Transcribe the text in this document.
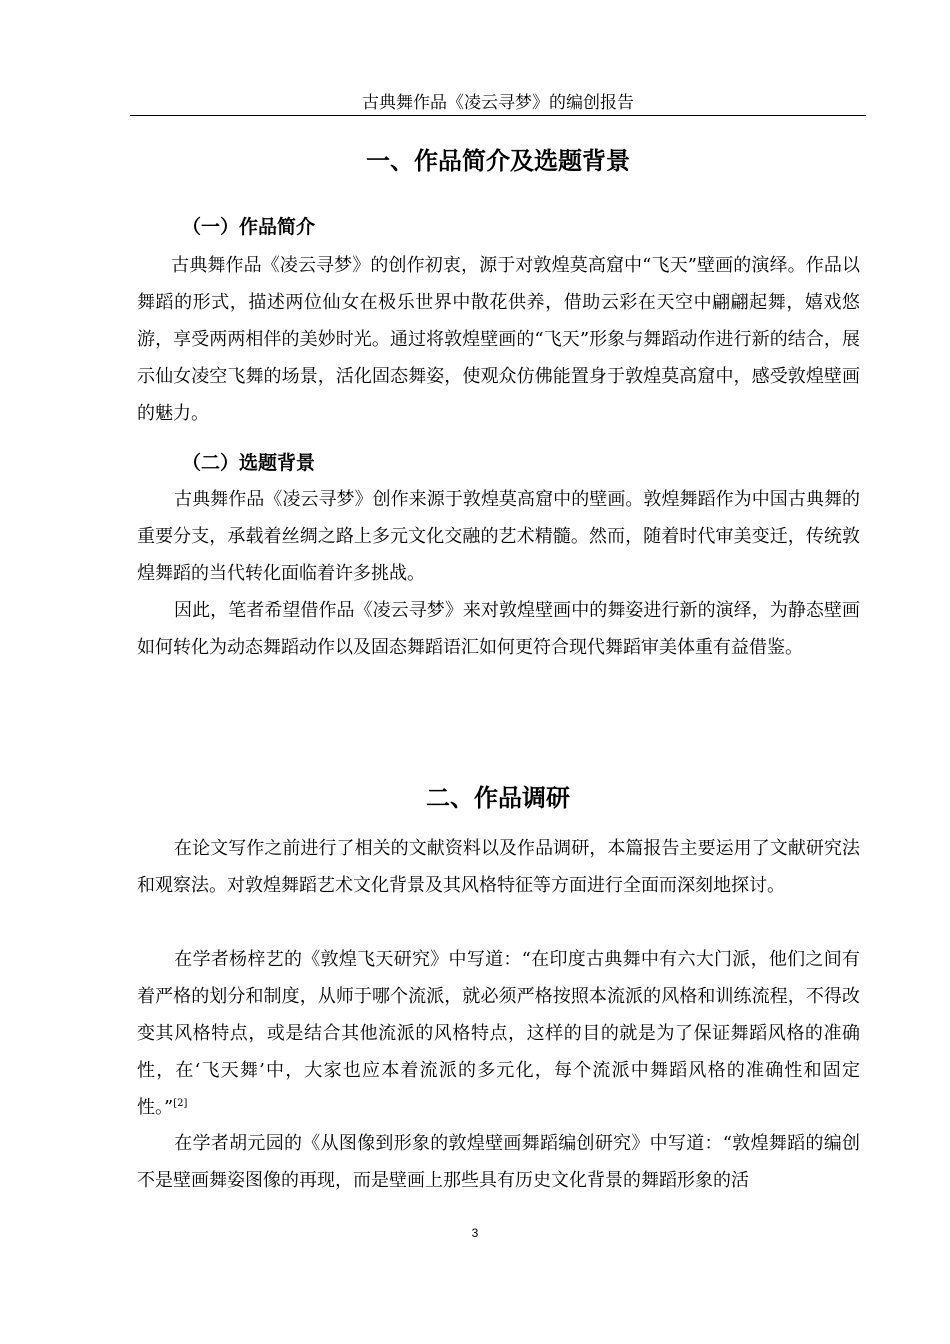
古典舞作品《凌云寻梦》的编创报告
一、作品简介及选题背景
（一）作品简介
古典舞作品《凌云寻梦》的创作初衷，源于对敦煌莫高窟中“飞天”壁画的演绎。作品以舞蹈的形式，描述两位仙女在极乐世界中散花供养，借助云彩在天空中翩翩起舞，嬉戏悠游，享受两两相伴的美妙时光。通过将敦煌壁画的“飞天”形象与舞蹈动作进行新的结合，展示仙女凌空飞舞的场景，活化固态舞姿，使观众仿佛能置身于敦煌莫高窟中，感受敦煌壁画的魅力。
（二）选题背景
古典舞作品《凌云寻梦》创作来源于敦煌莫高窟中的壁画。敦煌舞蹈作为中国古典舞的重要分支，承载着丝绸之路上多元文化交融的艺术精髓。然而，随着时代审美变迁，传统敦煌舞蹈的当代转化面临着许多挑战。
因此，笔者希望借作品《凌云寻梦》来对敦煌壁画中的舞姿进行新的演绎，为静态壁画如何转化为动态舞蹈动作以及固态舞蹈语汇如何更符合现代舞蹈审美体重有益借鉴。
二、作品调研
在论文写作之前进行了相关的文献资料以及作品调研，本篇报告主要运用了文献研究法和观察法。对敦煌舞蹈艺术文化背景及其风格特征等方面进行全面而深刻地探讨。
在学者杨梓艺的《敦煌飞天研究》中写道：“在印度古典舞中有六大门派，他们之间有着严格的划分和制度，从师于哪个流派，就必须严格按照本流派的风格和训练流程，不得改变其风格特点，或是结合其他流派的风格特点，这样的目的就是为了保证舞蹈风格的准确性，在‘飞天舞’中，大家也应本着流派的多元化，每个流派中舞蹈风格的准确性和固定性。”[2]
在学者胡元园的《从图像到形象的敦煌壁画舞蹈编创研究》中写道：“敦煌舞蹈的编创不是壁画舞姿图像的再现，而是壁画上那些具有历史文化背景的舞蹈形象的活
3
